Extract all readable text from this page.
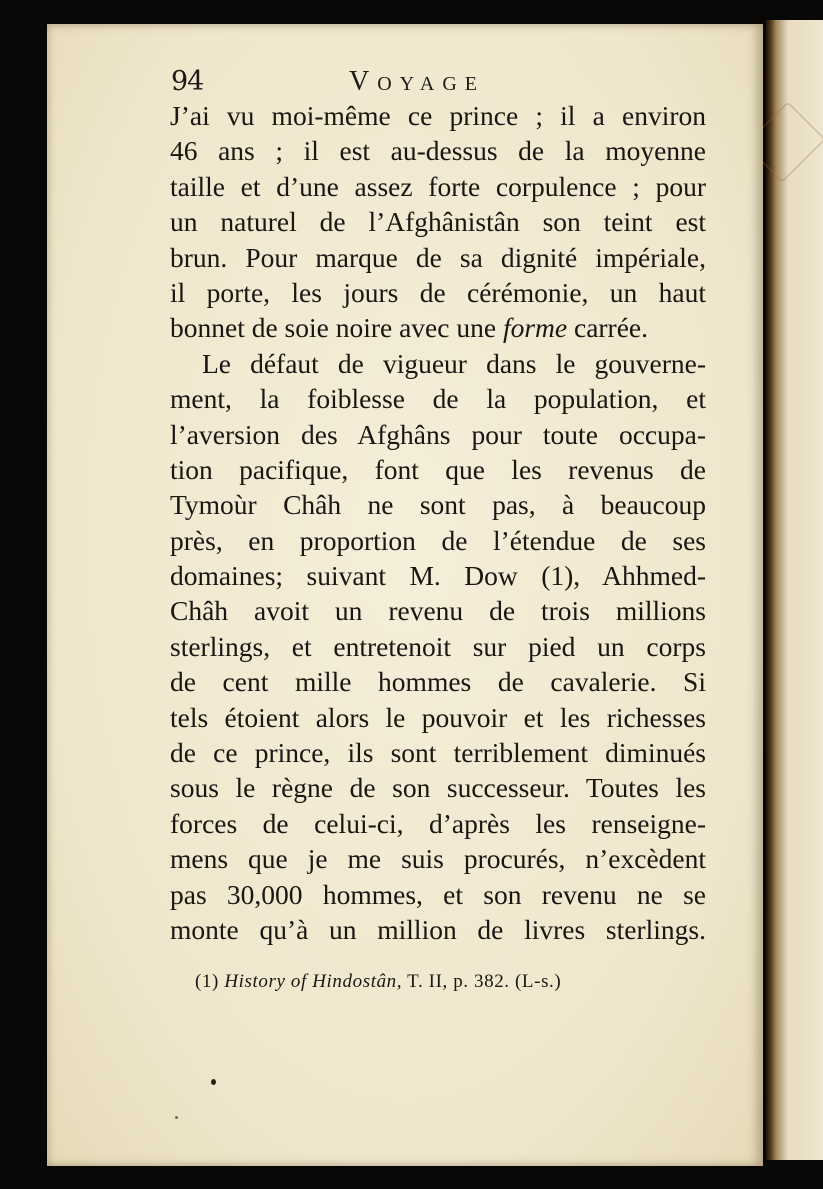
94	Voyage
J’ai vu moi-même ce prince ; il a environ
46 ans ; il est au-dessus de la moyenne
taille et d’une assez forte corpulence ; pour
un naturel de l’Afghânistân son teint est
brun. Pour marque de sa dignité impériale,
il porte, les jours de cérémonie, un haut
bonnet de soie noire avec une forme carrée.
Le défaut de vigueur dans le gouverne-
ment, la foiblesse de la population, et
l’aversion des Afghâns pour toute occupa-
tion pacifique, font que les revenus de
Tymoùr Châh ne sont pas, à beaucoup
près, en proportion de l’étendue de ses
domaines; suivant M. Dow (1), Ahhmed-
Châh avoit un revenu de trois millions
sterlings, et entretenoit sur pied un corps
de cent mille hommes de cavalerie. Si
tels étoient alors le pouvoir et les richesses
de ce prince, ils sont terriblement diminués
sous le règne de son successeur. Toutes les
forces de celui-ci, d’après les renseigne-
mens que je me suis procurés, n’excèdent
pas 30,000 hommes, et son revenu ne se
monte qu’à un million de livres sterlings.
(1) History of Hindostân, T. II, p. 382. (L-s.)
